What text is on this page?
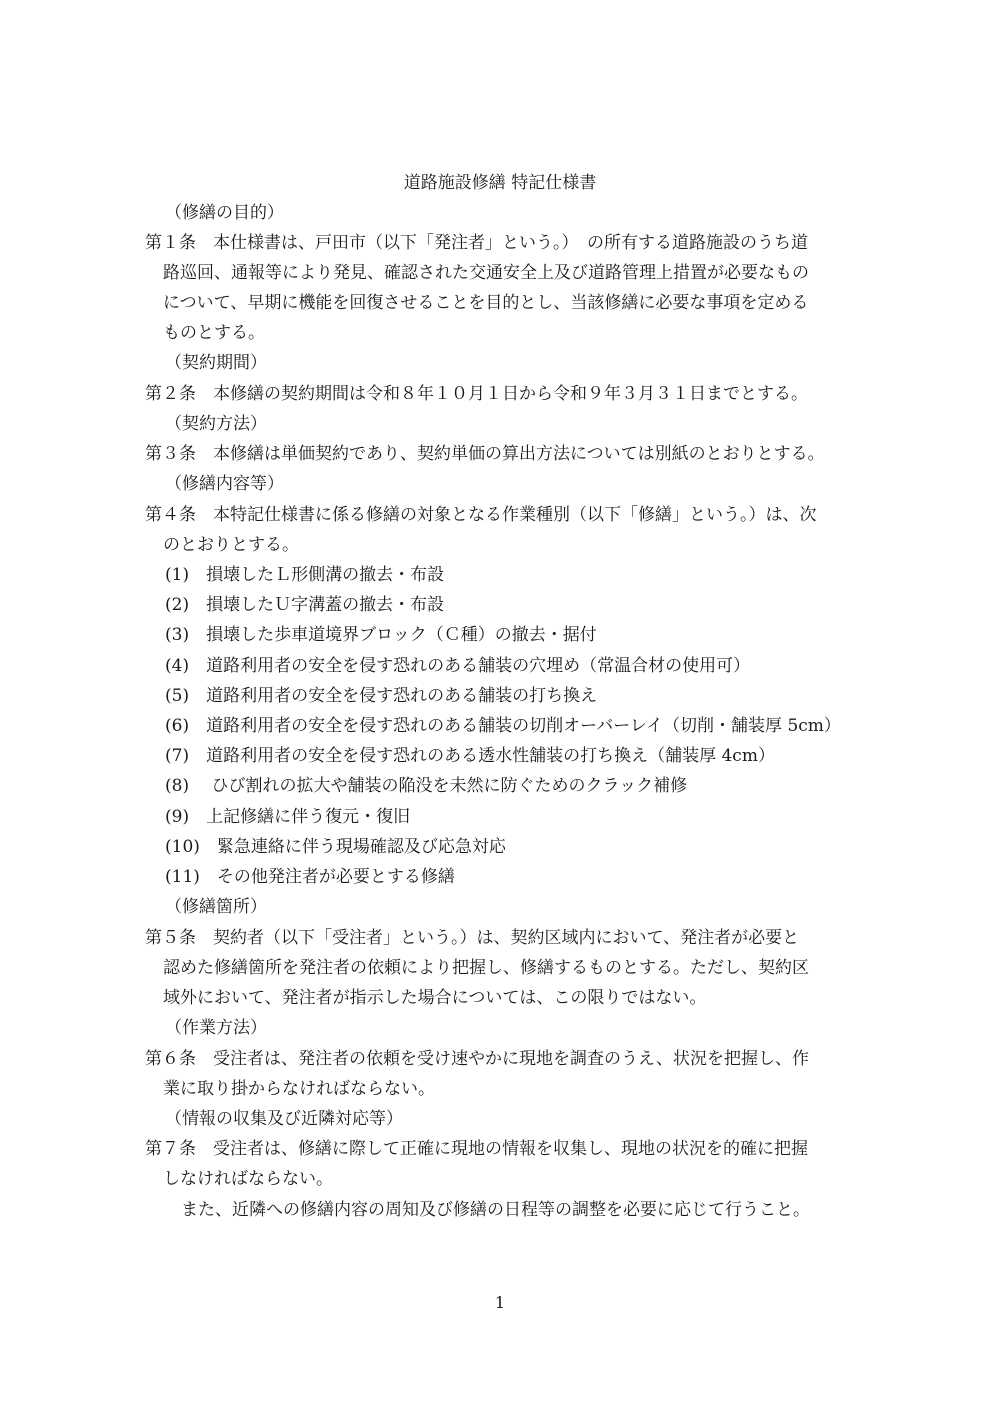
道路施設修繕 特記仕様書
（修繕の目的）
第１条　本仕様書は、戸田市（以下「発注者」という。）　の所有する道路施設のうち道
路巡回、通報等により発見、確認された交通安全上及び道路管理上措置が必要なもの
について、早期に機能を回復させることを目的とし、当該修繕に必要な事項を定める
ものとする。
（契約期間）
第２条　本修繕の契約期間は令和８年１０月１日から令和９年３月３１日までとする。
（契約方法）
第３条　本修繕は単価契約であり、契約単価の算出方法については別紙のとおりとする。
（修繕内容等）
第４条　本特記仕様書に係る修繕の対象となる作業種別（以下「修繕」という。）は、次
のとおりとする。
(1)　損壊したＬ形側溝の撤去・布設
(2)　損壊したＵ字溝蓋の撤去・布設
(3)　損壊した歩車道境界ブロック（Ｃ種）の撤去・据付
(4)　道路利用者の安全を侵す恐れのある舗装の穴埋め（常温合材の使用可）
(5)　道路利用者の安全を侵す恐れのある舗装の打ち換え
(6)　道路利用者の安全を侵す恐れのある舗装の切削オーバーレイ（切削・舗装厚 5cm）
(7)　道路利用者の安全を侵す恐れのある透水性舗装の打ち換え（舗装厚 4cm）
(8)　 ひび割れの拡大や舗装の陥没を未然に防ぐためのクラック補修
(9)　上記修繕に伴う復元・復旧
(10)　緊急連絡に伴う現場確認及び応急対応
(11)　その他発注者が必要とする修繕
（修繕箇所）
第５条　契約者（以下「受注者」という。）は、契約区域内において、発注者が必要と
認めた修繕箇所を発注者の依頼により把握し、修繕するものとする。ただし、契約区
域外において、発注者が指示した場合については、この限りではない。
（作業方法）
第６条　受注者は、発注者の依頼を受け速やかに現地を調査のうえ、状況を把握し、作
業に取り掛からなければならない。
（情報の収集及び近隣対応等）
第７条　受注者は、修繕に際して正確に現地の情報を収集し、現地の状況を的確に把握
しなければならない。
また、近隣への修繕内容の周知及び修繕の日程等の調整を必要に応じて行うこと。
1
